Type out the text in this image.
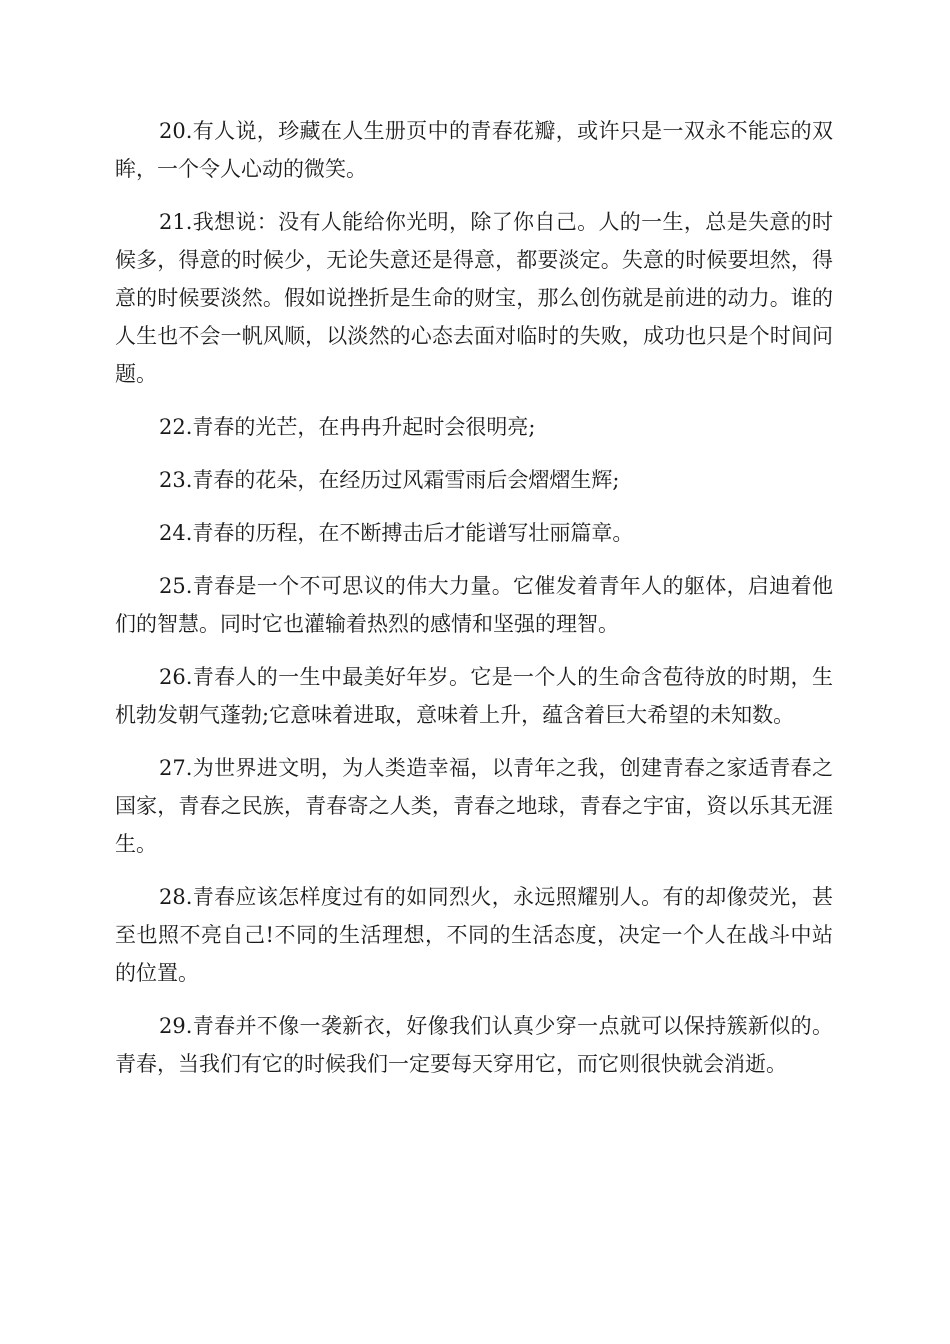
20.有人说，珍藏在人生册页中的青春花瓣，或许只是一双永不能忘的双眸，一个令人心动的微笑。

21.我想说：没有人能给你光明，除了你自己。人的一生，总是失意的时候多，得意的时候少，无论失意还是得意，都要淡定。失意的时候要坦然，得意的时候要淡然。假如说挫折是生命的财宝，那么创伤就是前进的动力。谁的人生也不会一帆风顺，以淡然的心态去面对临时的失败，成功也只是个时间问题。

22.青春的光芒，在冉冉升起时会很明亮;

23.青春的花朵，在经历过风霜雪雨后会熠熠生辉;

24.青春的历程，在不断搏击后才能谱写壮丽篇章。

25.青春是一个不可思议的伟大力量。它催发着青年人的躯体，启迪着他们的智慧。同时它也灌输着热烈的感情和坚强的理智。

26.青春人的一生中最美好年岁。它是一个人的生命含苞待放的时期，生机勃发朝气蓬勃;它意味着进取，意味着上升，蕴含着巨大希望的未知数。

27.为世界进文明，为人类造幸福，以青年之我，创建青春之家适青春之国家，青春之民族，青春寄之人类，青春之地球，青春之宇宙，资以乐其无涯生。

28.青春应该怎样度过有的如同烈火，永远照耀别人。有的却像荧光，甚至也照不亮自己!不同的生活理想，不同的生活态度，决定一个人在战斗中站的位置。

29.青春并不像一袭新衣，好像我们认真少穿一点就可以保持簇新似的。青春，当我们有它的时候我们一定要每天穿用它，而它则很快就会消逝。
